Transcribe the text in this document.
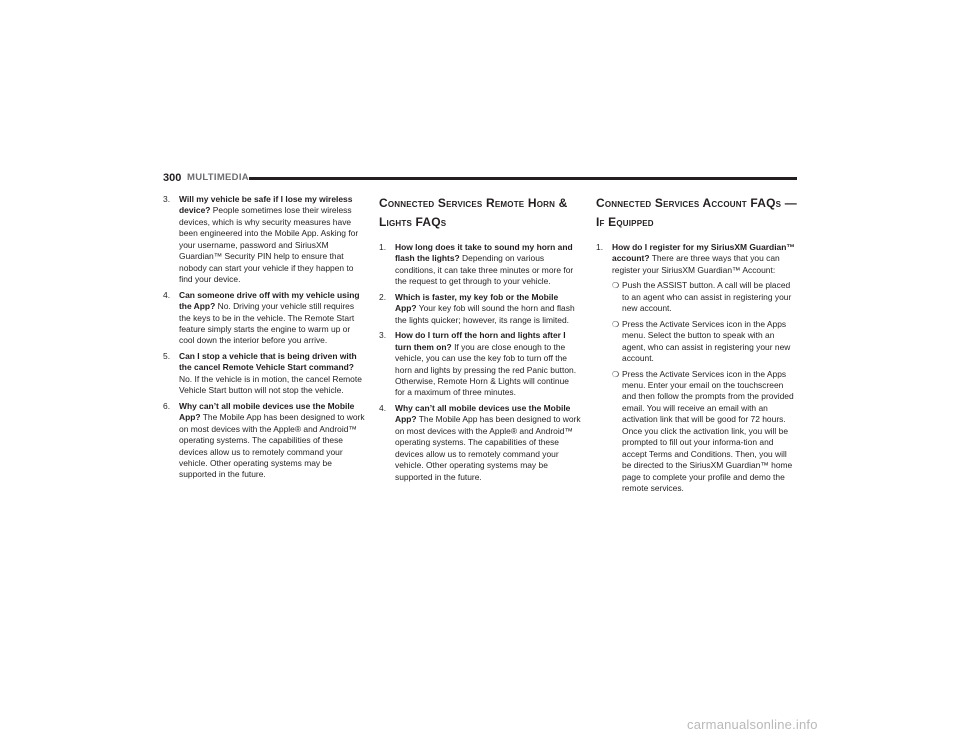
300 MULTIMEDIA
3. Will my vehicle be safe if I lose my wireless device? People sometimes lose their wireless devices, which is why security measures have been engineered into the Mobile App. Asking for your username, password and SiriusXM Guardian™ Security PIN help to ensure that nobody can start your vehicle if they happen to find your device.
4. Can someone drive off with my vehicle using the App? No. Driving your vehicle still requires the keys to be in the vehicle. The Remote Start feature simply starts the engine to warm up or cool down the interior before you arrive.
5. Can I stop a vehicle that is being driven with the cancel Remote Vehicle Start command? No. If the vehicle is in motion, the cancel Remote Vehicle Start button will not stop the vehicle.
6. Why can’t all mobile devices use the Mobile App? The Mobile App has been designed to work on most devices with the Apple® and Android™ operating systems. The capabilities of these devices allow us to remotely command your vehicle. Other operating systems may be supported in the future.
Connected Services Remote Horn & Lights FAQs
1. How long does it take to sound my horn and flash the lights? Depending on various conditions, it can take three minutes or more for the request to get through to your vehicle.
2. Which is faster, my key fob or the Mobile App? Your key fob will sound the horn and flash the lights quicker; however, its range is limited.
3. How do I turn off the horn and lights after I turn them on? If you are close enough to the vehicle, you can use the key fob to turn off the horn and lights by pressing the red Panic button. Otherwise, Remote Horn & Lights will continue for a maximum of three minutes.
4. Why can’t all mobile devices use the Mobile App? The Mobile App has been designed to work on most devices with the Apple® and Android™ operating systems. The capabilities of these devices allow us to remotely command your vehicle. Other operating systems may be supported in the future.
Connected Services Account FAQs — If Equipped
1. How do I register for my SiriusXM Guardian™ account? There are three ways that you can register your SiriusXM Guardian™ Account:
❍ Push the ASSIST button. A call will be placed to an agent who can assist in registering your new account.
❍ Press the Activate Services icon in the Apps menu. Select the button to speak with an agent, who can assist in registering your new account.
❍ Press the Activate Services icon in the Apps menu. Enter your email on the touchscreen and then follow the prompts from the provided email. You will receive an email with an activation link that will be good for 72 hours. Once you click the activation link, you will be prompted to fill out your informa-tion and accept Terms and Conditions. Then, you will be directed to the SiriusXM Guardian™ home page to complete your profile and demo the remote services.
carmanualsonline.info
